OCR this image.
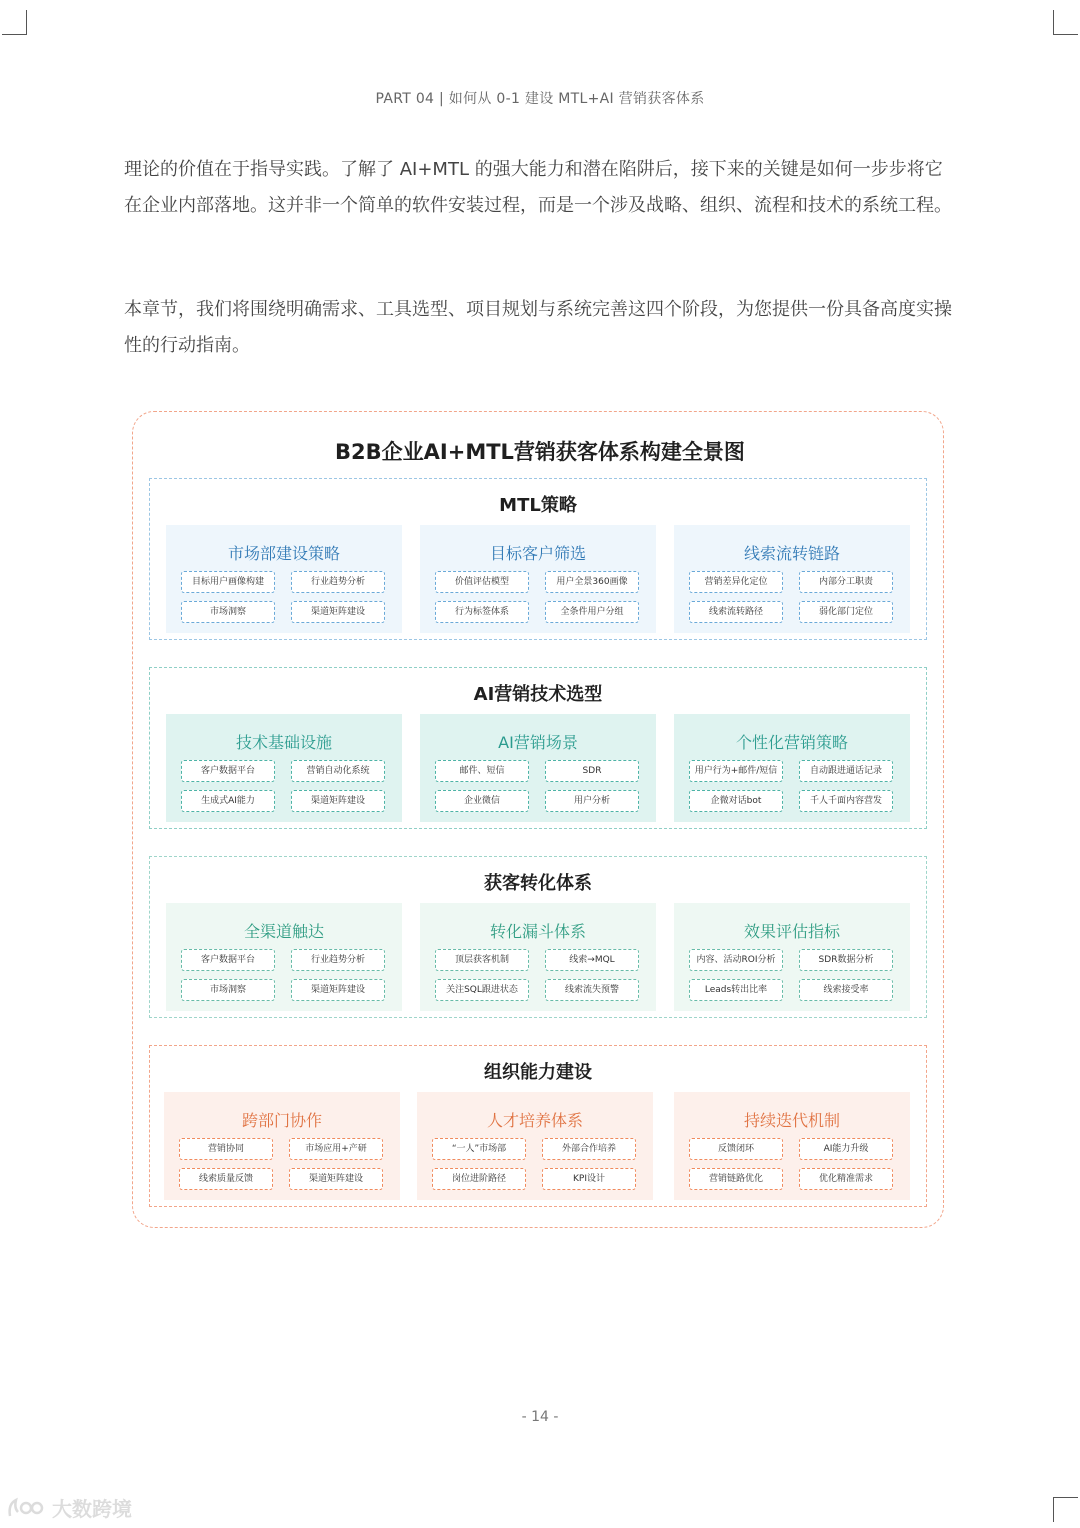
PART 04 | 如何从 0-1 建设 MTL+AI 营销获客体系

理论的价值在于指导实践。了解了 AI+MTL 的强大能力和潜在陷阱后，接下来的关键是如何一步步将它在企业内部落地。这并非一个简单的软件安装过程，而是一个涉及战略、组织、流程和技术的系统工程。

本章节，我们将围绕明确需求、工具选型、项目规划与系统完善这四个阶段，为您提供一份具备高度实操性的行动指南。

B2B企业AI+MTL营销获客体系构建全景图
MTL策略
市场部建设策略
目标用户画像构建	行业趋势分析
市场洞察	渠道矩阵建设
目标客户筛选
价值评估模型	用户全景360画像
行为标签体系	全条件用户分组
线索流转链路
营销差异化定位	内部分工职责
线索流转路径	弱化部门定位
AI营销技术选型
技术基础设施
客户数据平台	营销自动化系统
生成式AI能力	渠道矩阵建设
AI营销场景
邮件、短信	SDR
企业微信	用户分析
个性化营销策略
用户行为+邮件/短信	自动跟进通话记录
企微对话bot	千人千面内容营发
获客转化体系
全渠道触达
客户数据平台	行业趋势分析
市场洞察	渠道矩阵建设
转化漏斗体系
顶层获客机制	线索→MQL
关注SQL跟进状态	线索流失预警
效果评估指标
内容、活动ROI分析	SDR数据分析
Leads转出比率	线索接受率
组织能力建设
跨部门协作
营销协同	市场应用+产研
线索质量反馈	渠道矩阵建设
人才培养体系
“一人”市场部	外部合作培养
岗位进阶路径	KPI设计
持续迭代机制
反馈闭环	AI能力升级
营销链路优化	优化精准需求
- 14 -
大数跨境
